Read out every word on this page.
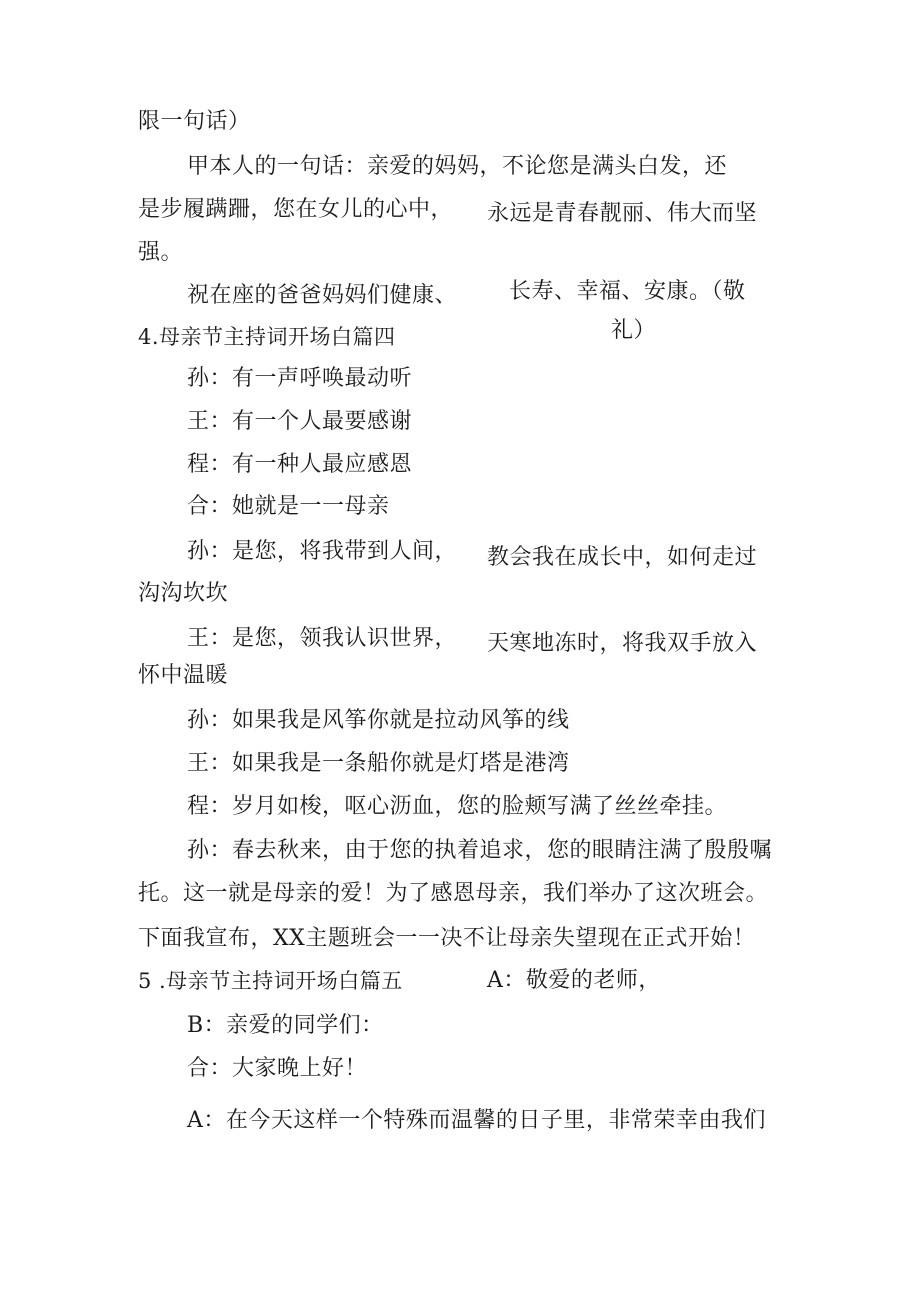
限一句话）
甲本人的一句话：亲爱的妈妈，不论您是满头白发，还
是步履蹒跚，您在女儿的心中， 永远是青春靓丽、伟大而坚
强。
祝在座的爸爸妈妈们健康、 长寿、幸福、安康。（敬
礼）
4.母亲节主持词开场白篇四
孙：有一声呼唤最动听
王：有一个人最要感谢
程：有一种人最应感恩
合：她就是一一母亲
孙：是您，将我带到人间， 教会我在成长中，如何走过
沟沟坎坎
王：是您，领我认识世界， 天寒地冻时，将我双手放入
怀中温暖
孙：如果我是风筝你就是拉动风筝的线
王：如果我是一条船你就是灯塔是港湾
程：岁月如梭，呕心沥血，您的脸颊写满了丝丝牵挂。
孙：春去秋来，由于您的执着追求，您的眼睛注满了殷殷嘱
托。这一就是母亲的爱！为了感恩母亲，我们举办了这次班会。
下面我宣布，XX主题班会一一决不让母亲失望现在正式开始！
5 .母亲节主持词开场白篇五	A：敬爱的老师，
B：亲爱的同学们：
合：大家晚上好！
A：在今天这样一个特殊而温馨的日子里，非常荣幸由我们
